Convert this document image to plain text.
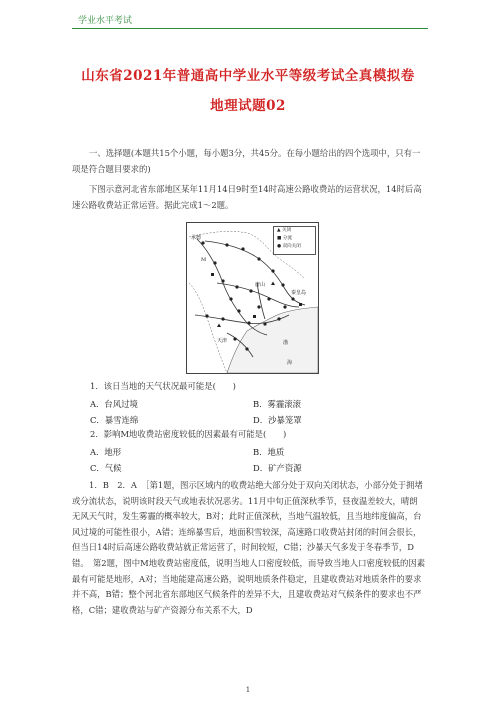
学业水平考试
山东省2021年普通高中学业水平等级考试全真模拟卷
地理试题02
一、选择题(本题共15个小题，每小题3分，共45分。在每小题给出的四个选项中，只有一项是符合题目要求的)
下图示意河北省东部地区某年11月14日9时至14时高速公路收费站的运营状况，14时后高速公路收费站正常运营。据此完成1～2题。
▲ 关闭
■ 分流
● 双向关闭
承德
秦皇岛
唐山
天津
M
渤
海
1．该日当地的天气状况最可能是(　　)
A．台风过境	B．雾霾滚滚
C．暴雪连绵	D．沙暴笼罩
2．影响M地收费站密度较低的因素最有可能是(　　)
A．地形	B．地质
C．气候	D．矿产资源
1．B　2．A　［第1题，图示区域内的收费站绝大部分处于双向关闭状态，小部分处于拥堵或分流状态，说明该时段天气或地表状况恶劣。11月中旬正值深秋季节，昼夜温差较大，晴朗无风天气时，发生雾霾的概率较大，B对；此时正值深秋，当地气温较低，且当地纬度偏高，台风过境的可能性很小，A错；连绵暴雪后，地面积雪较深，高速路口收费站封闭的时间会很长，但当日14时后高速公路收费站就正常运营了，时间较短，C错；沙暴天气多发于冬春季节，D错。　第2题，图中M地收费站密度低，说明当地人口密度较低，而导致当地人口密度较低的因素最有可能是地形，A对；当地能建高速公路，说明地质条件稳定，且建收费站对地质条件的要求并不高，B错；整个河北省东部地区气候条件的差异不大，且建收费站对气候条件的要求也不严格，C错；建收费站与矿产资源分布关系不大，D
1
